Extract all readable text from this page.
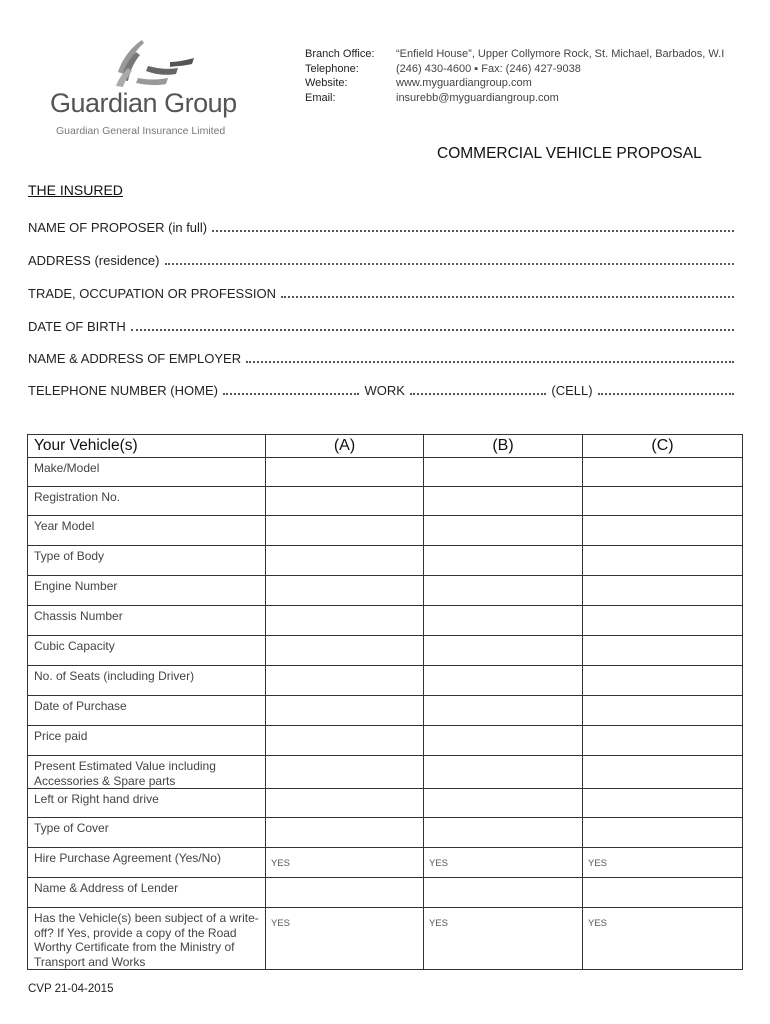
Guardian Group
Guardian General Insurance Limited
Branch Office:	“Enfield House”, Upper Collymore Rock, St. Michael, Barbados, W.I
Telephone:	(246) 430-4600 ▪ Fax: (246) 427-9038
Website:	www.myguardiangroup.com
Email:	insurebb@myguardiangroup.com
COMMERCIAL VEHICLE PROPOSAL
THE INSURED
NAME OF PROPOSER (in full)
ADDRESS (residence)
TRADE, OCCUPATION OR PROFESSION
DATE OF BIRTH
NAME & ADDRESS OF EMPLOYER
TELEPHONE NUMBER (HOME)	WORK	(CELL)
Your Vehicle(s)	(A)	(B)	(C)
Make/Model			
Registration No.			
Year Model			
Type of Body			
Engine Number			
Chassis Number			
Cubic Capacity			
No. of Seats (including Driver)			
Date of Purchase			
Price paid			
Present Estimated Value including Accessories & Spare parts			
Left or Right hand drive			
Type of Cover			
Hire Purchase Agreement (Yes/No)	YES	YES	YES
Name & Address of Lender			
Has the Vehicle(s) been subject of a write-off? If Yes, provide a copy of the Road Worthy Certificate from the Ministry of Transport and Works	YES	YES	YES
CVP 21-04-2015
